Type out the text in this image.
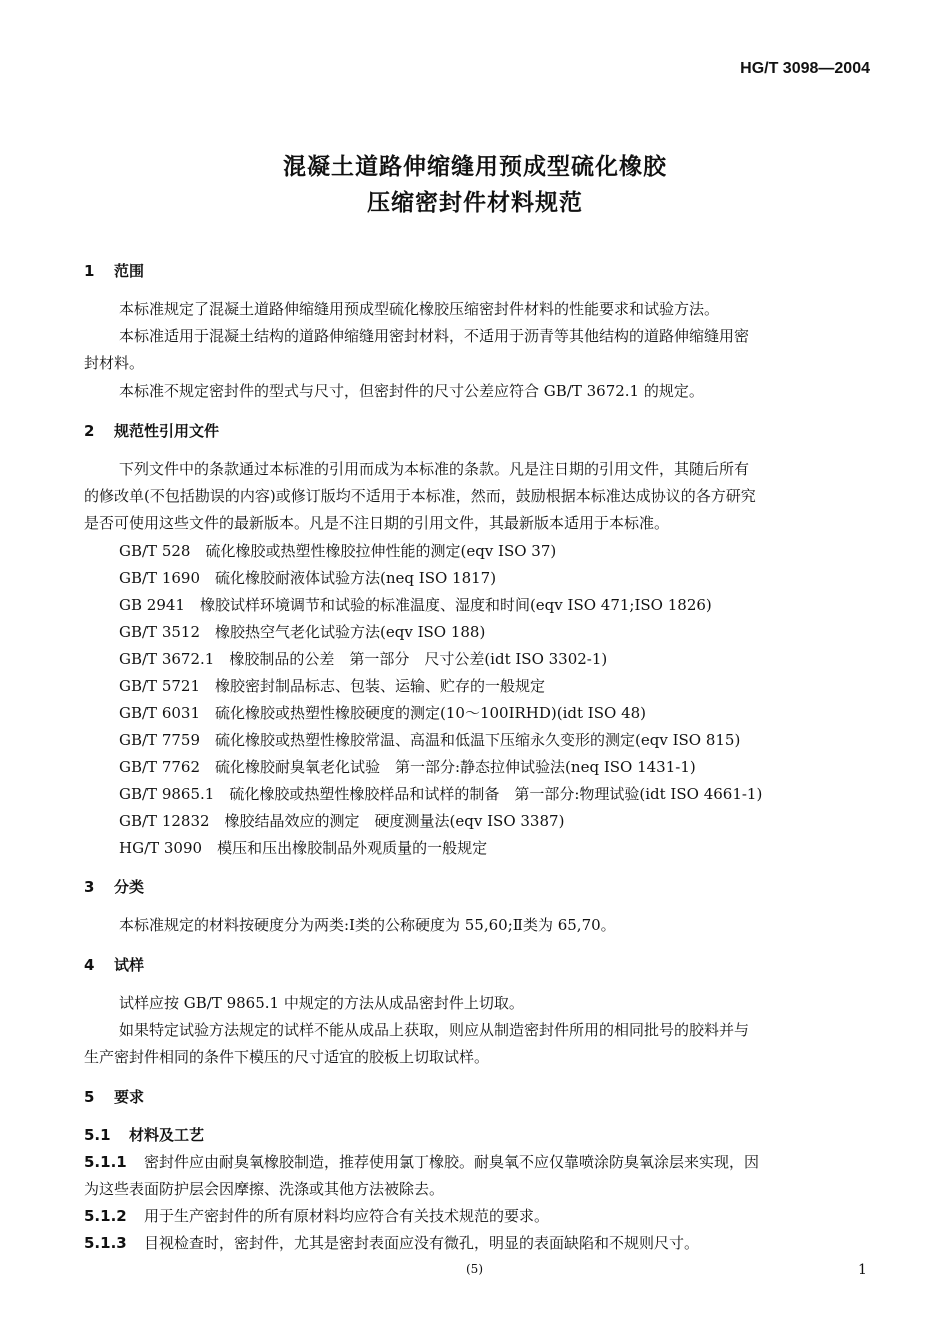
HG/T 3098—2004
混凝土道路伸缩缝用预成型硫化橡胶
压缩密封件材料规范
1 范围
本标准规定了混凝土道路伸缩缝用预成型硫化橡胶压缩密封件材料的性能要求和试验方法。
本标准适用于混凝土结构的道路伸缩缝用密封材料，不适用于沥青等其他结构的道路伸缩缝用密
封材料。
本标准不规定密封件的型式与尺寸，但密封件的尺寸公差应符合 GB/T 3672.1 的规定。
2 规范性引用文件
下列文件中的条款通过本标准的引用而成为本标准的条款。凡是注日期的引用文件，其随后所有
的修改单(不包括勘误的内容)或修订版均不适用于本标准，然而，鼓励根据本标准达成协议的各方研究
是否可使用这些文件的最新版本。凡是不注日期的引用文件，其最新版本适用于本标准。
GB/T 528　硫化橡胶或热塑性橡胶拉伸性能的测定(eqv ISO 37)
GB/T 1690　硫化橡胶耐液体试验方法(neq ISO 1817)
GB 2941　橡胶试样环境调节和试验的标准温度、湿度和时间(eqv ISO 471;ISO 1826)
GB/T 3512　橡胶热空气老化试验方法(eqv ISO 188)
GB/T 3672.1　橡胶制品的公差　第一部分　尺寸公差(idt ISO 3302-1)
GB/T 5721　橡胶密封制品标志、包装、运输、贮存的一般规定
GB/T 6031　硫化橡胶或热塑性橡胶硬度的测定(10～100IRHD)(idt ISO 48)
GB/T 7759　硫化橡胶或热塑性橡胶常温、高温和低温下压缩永久变形的测定(eqv ISO 815)
GB/T 7762　硫化橡胶耐臭氧老化试验　第一部分:静态拉伸试验法(neq ISO 1431-1)
GB/T 9865.1　硫化橡胶或热塑性橡胶样品和试样的制备　第一部分:物理试验(idt ISO 4661-1)
GB/T 12832　橡胶结晶效应的测定　硬度测量法(eqv ISO 3387)
HG/T 3090　模压和压出橡胶制品外观质量的一般规定
3 分类
本标准规定的材料按硬度分为两类:Ⅰ类的公称硬度为 55,60;Ⅱ类为 65,70。
4 试样
试样应按 GB/T 9865.1 中规定的方法从成品密封件上切取。
如果特定试验方法规定的试样不能从成品上获取，则应从制造密封件所用的相同批号的胶料并与
生产密封件相同的条件下模压的尺寸适宜的胶板上切取试样。
5 要求
5.1 材料及工艺
5.1.1 密封件应由耐臭氧橡胶制造，推荐使用氯丁橡胶。耐臭氧不应仅靠喷涂防臭氧涂层来实现，因
为这些表面防护层会因摩擦、洗涤或其他方法被除去。
5.1.2 用于生产密封件的所有原材料均应符合有关技术规范的要求。
5.1.3 目视检查时，密封件，尤其是密封表面应没有微孔，明显的表面缺陷和不规则尺寸。
(5)	1
